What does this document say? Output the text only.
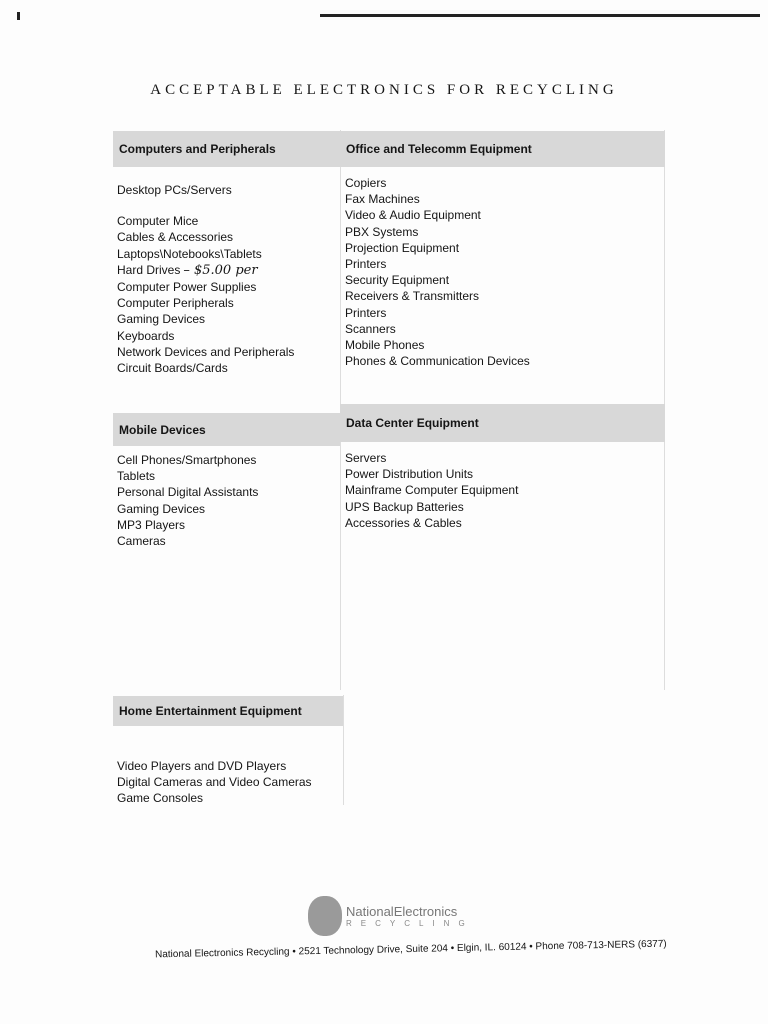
ACCEPTABLE ELECTRONICS FOR RECYCLING
Computers and Peripherals	Office and Telecomm Equipment
Desktop PCs/Servers
Computer Mice
Cables & Accessories
Laptops\Notebooks\Tablets
Hard Drives – $5.00 per
Computer Power Supplies
Computer Peripherals
Gaming Devices
Keyboards
Network Devices and Peripherals
Circuit Boards/Cards
Copiers
Fax Machines
Video & Audio Equipment
PBX Systems
Projection Equipment
Printers
Security Equipment
Receivers & Transmitters
Printers
Scanners
Mobile Phones
Phones & Communication Devices
Mobile Devices	Data Center Equipment
Cell Phones/Smartphones
Tablets
Personal Digital Assistants
Gaming Devices
MP3 Players
Cameras
Servers
Power Distribution Units
Mainframe Computer Equipment
UPS Backup Batteries
Accessories & Cables
Home Entertainment Equipment
Video Players and DVD Players
Digital Cameras and Video Cameras
Game Consoles
NationalElectronics
RECYCLING
National Electronics Recycling • 2521 Technology Drive, Suite 204 • Elgin, IL. 60124 • Phone 708-713-NERS (6377)
